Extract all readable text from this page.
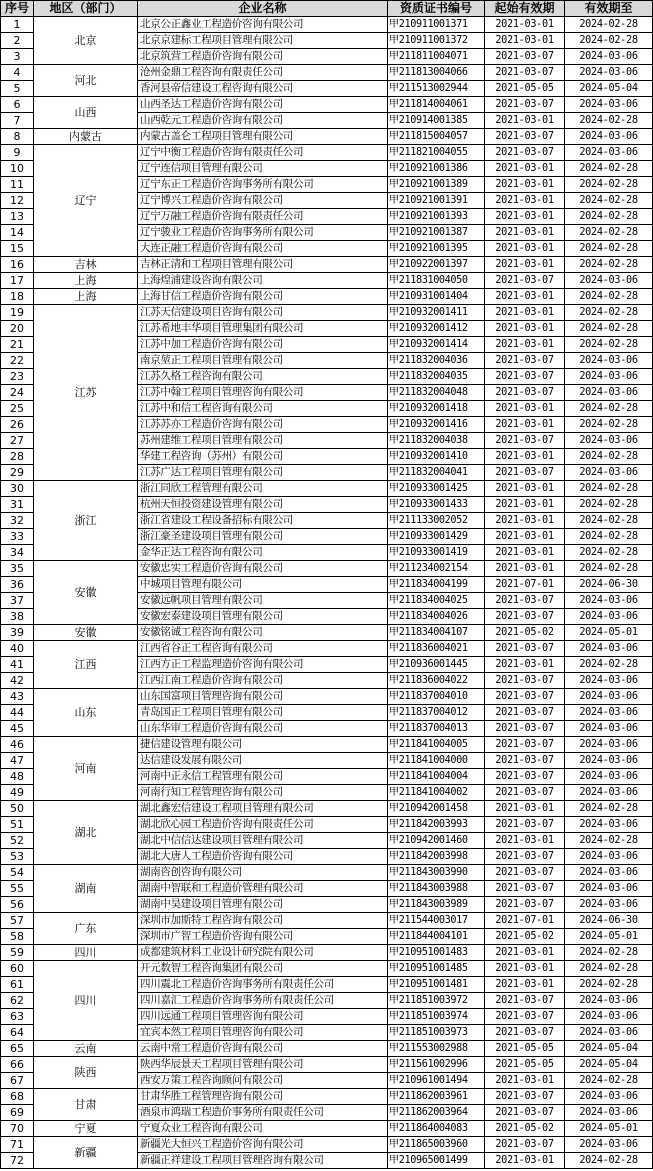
序号	地区（部门）	企业名称	资质证书编号	起始有效期	有效期至
1	北京	北京公正鑫业工程造价咨询有限公司	甲210911001371	2021-03-01	2024-02-28
2		北京京建标工程项目管理有限公司	甲210911001372	2021-03-01	2024-02-28
3		北京筑营工程造价咨询有限公司	甲211811004071	2021-03-07	2024-03-06
4	河北	沧州金鼎工程咨询有限责任公司	甲211813004066	2021-03-07	2024-03-06
5		香河县帝信建设工程咨询有限公司	甲211513002944	2021-05-05	2024-05-04
6	山西	山西圣达工程造价咨询有限公司	甲211814004061	2021-03-07	2024-03-06
7		山西乾元工程造价咨询有限公司	甲210914001385	2021-03-01	2024-02-28
8	内蒙古	内蒙古盖仑工程项目管理有限公司	甲211815004057	2021-03-07	2024-03-06
9	辽宁	辽宁中衡工程造价咨询有限责任公司	甲211821004055	2021-03-07	2024-03-06
10		辽宁连信项目管理有限公司	甲210921001386	2021-03-01	2024-02-28
11		辽宁东正工程造价咨询事务所有限公司	甲210921001389	2021-03-01	2024-02-28
12		辽宁博兴工程造价咨询有限公司	甲210921001391	2021-03-01	2024-02-28
13		辽宁万融工程造价咨询有限责任公司	甲210921001393	2021-03-01	2024-02-28
14		辽宁骏业工程造价咨询事务所有限公司	甲210921001387	2021-03-01	2024-02-28
15		大连正融工程造价咨询有限公司	甲210921001395	2021-03-01	2024-02-28
16	吉林	吉林正清和工程项目管理有限公司	甲210922001397	2021-03-01	2024-02-28
17	上海	上海煌浦建设咨询有限公司	甲211831004050	2021-03-07	2024-03-06
18	上海	上海甘信工程造价咨询有限公司	甲210931001404	2021-03-01	2024-02-28
19	江苏	江苏天信建设项目咨询有限公司	甲210932001411	2021-03-01	2024-02-28
20		江苏希地丰华项目管理集团有限公司	甲210932001412	2021-03-01	2024-02-28
21		江苏中加工程造价咨询有限公司	甲210932001414	2021-03-01	2024-02-28
22		南京堃正工程项目管理有限公司	甲211832004036	2021-03-07	2024-03-06
23		江苏久格工程咨询有限公司	甲211832004035	2021-03-07	2024-03-06
24		江苏中翰工程项目管理咨询有限公司	甲211832004048	2021-03-07	2024-03-06
25		江苏中和信工程咨询有限公司	甲210932001418	2021-03-01	2024-02-28
26		江苏苏亦工程造价咨询有限公司	甲210932001416	2021-03-01	2024-02-28
27		苏州建维工程项目管理有限公司	甲211832004038	2021-03-07	2024-03-06
28		华建工程咨询（苏州）有限公司	甲210932001410	2021-03-01	2024-02-28
29		江苏广达工程项目管理有限公司	甲211832004041	2021-03-07	2024-03-06
30	浙江	浙江同欣工程管理有限公司	甲210933001425	2021-03-01	2024-02-28
31		杭州天恒投资建设管理有限公司	甲210933001433	2021-03-01	2024-02-28
32		浙江省建设工程设备招标有限公司	甲211133002052	2021-03-01	2024-02-28
33		浙江豪圣建设项目管理有限公司	甲210933001429	2021-03-01	2024-02-28
34		金华正达工程咨询有限公司	甲210933001419	2021-03-01	2024-02-28
35	安徽	安徽忠实工程造价咨询有限公司	甲211234002154	2021-03-01	2024-02-28
36		中城项目管理有限公司	甲211834004199	2021-07-01	2024-06-30
37		安徽远帆项目管理有限公司	甲211834004025	2021-03-07	2024-03-06
38		安徽宏泰建设项目管理有限公司	甲211834004026	2021-03-07	2024-03-06
39	安徽	安徽铭诚工程咨询有限公司	甲211834004107	2021-05-02	2024-05-01
40	江西	江西省谷正工程咨询有限公司	甲211836004021	2021-03-07	2024-03-06
41		江西方正工程监理造价咨询有限公司	甲210936001445	2021-03-01	2024-02-28
42		江西江南工程造价咨询有限公司	甲211836004022	2021-03-07	2024-03-06
43	山东	山东国富项目管理咨询有限公司	甲211837004010	2021-03-07	2024-03-06
44		青岛国正工程项目管理有限公司	甲211837004012	2021-03-07	2024-03-06
45		山东华审工程造价咨询有限公司	甲211837004013	2021-03-07	2024-03-06
46	河南	捷信建设管理有限公司	甲211841004005	2021-03-07	2024-03-06
47		达信建设发展有限公司	甲211841004000	2021-03-07	2024-03-06
48		河南中正永信工程管理有限公司	甲211841004004	2021-03-07	2024-03-06
49		河南行知工程管理咨询有限公司	甲211841004002	2021-03-07	2024-03-06
50	湖北	湖北鑫宏信建设工程项目管理有限公司	甲210942001458	2021-03-01	2024-02-28
51		湖北欣心园工程造价咨询有限责任公司	甲211842003993	2021-03-07	2024-03-06
52		湖北中信信达建设项目管理有限公司	甲210942001460	2021-03-01	2024-02-28
53		湖北大唐人工程造价咨询有限公司	甲211842003998	2021-03-07	2024-03-06
54	湖南	湖南咨创咨询有限公司	甲211843003990	2021-03-07	2024-03-06
55		湖南中智联和工程造价管理有限公司	甲211843003988	2021-03-07	2024-03-06
56		湖南中昊建设项目管理有限公司	甲211843003989	2021-03-07	2024-03-06
57	广东	深圳市加斯特工程咨询有限公司	甲211544003017	2021-07-01	2024-06-30
58		深圳市广智工程造价咨询有限公司	甲211844004101	2021-05-02	2024-05-01
59	四川	成都建筑材料工业设计研究院有限公司	甲210951001483	2021-03-01	2024-02-28
60	四川	开元数智工程咨询集团有限公司	甲210951001485	2021-03-01	2024-02-28
61		四川震北工程造价咨询事务所有限责任公司	甲210951001481	2021-03-01	2024-02-28
62		四川嘉汇工程造价咨询事务所有限责任公司	甲211851003972	2021-03-07	2024-03-06
63		四川远通工程项目管理咨询有限公司	甲211851003974	2021-03-07	2024-03-06
64		宜宾本然工程项目管理咨询有限公司	甲211851003973	2021-03-07	2024-03-06
65	云南	云南中常工程造价咨询有限公司	甲211553002988	2021-05-05	2024-05-04
66	陕西	陕西华辰景天工程项目管理有限公司	甲211561002996	2021-05-05	2024-05-04
67		西安万策工程咨询顾问有限公司	甲210961001494	2021-03-01	2024-02-28
68	甘肃	甘肃华胜工程管理咨询有限公司	甲211862003961	2021-03-07	2024-03-06
69		酒泉市鸿瑞工程造价事务所有限责任公司	甲211862003964	2021-03-07	2024-03-06
70	宁夏	宁夏众业工程咨询有限公司	甲211864004083	2021-05-02	2024-05-01
71	新疆	新疆光大恒兴工程造价咨询有限公司	甲211865003960	2021-03-07	2024-03-06
72		新疆正祥建设工程项目管理咨询有限公司	甲210965001499	2021-03-01	2024-02-28
